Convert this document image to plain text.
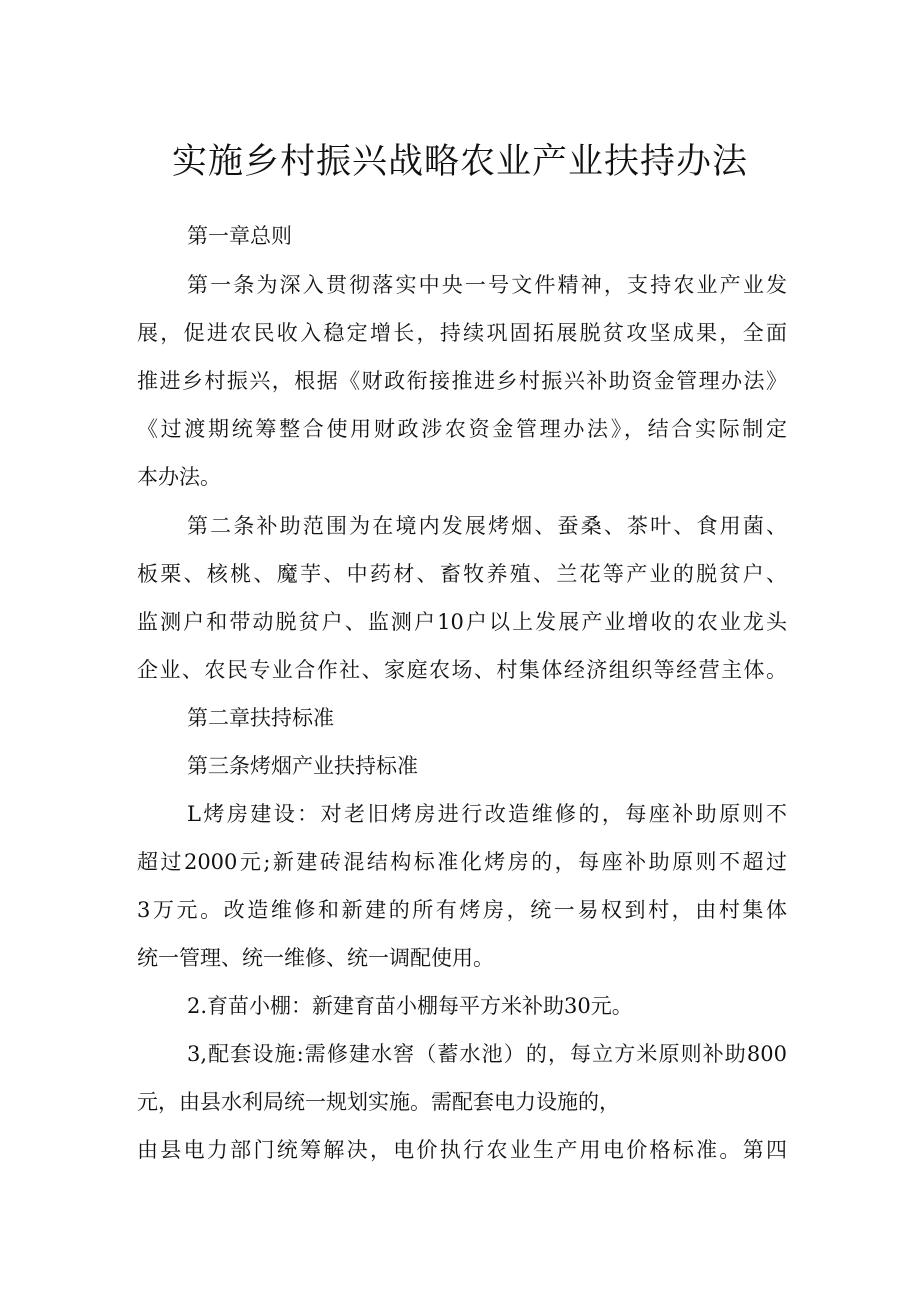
实施乡村振兴战略农业产业扶持办法
第一章总则
第一条为深入贯彻落实中央一号文件精神，支持农业产业发
展，促进农民收入稳定增长，持续巩固拓展脱贫攻坚成果，全面
推进乡村振兴，根据《财政衔接推进乡村振兴补助资金管理办法》
《过渡期统筹整合使用财政涉农资金管理办法》，结合实际制定
本办法。
第二条补助范围为在境内发展烤烟、蚕桑、茶叶、食用菌、
板栗、核桃、魔芋、中药材、畜牧养殖、兰花等产业的脱贫户、
监测户和带动脱贫户、监测户10户以上发展产业增收的农业龙头
企业、农民专业合作社、家庭农场、村集体经济组织等经营主体。
第二章扶持标准
第三条烤烟产业扶持标准
L烤房建设：对老旧烤房进行改造维修的，每座补助原则不
超过2000元;新建砖混结构标准化烤房的，每座补助原则不超过
3万元。改造维修和新建的所有烤房，统一易权到村，由村集体
统一管理、统一维修、统一调配使用。
2.育苗小棚：新建育苗小棚每平方米补助30元。
3,配套设施:需修建水窖（蓄水池）的，每立方米原则补助800
元，由县水利局统一规划实施。需配套电力设施的，
由县电力部门统筹解决，电价执行农业生产用电价格标准。第四
